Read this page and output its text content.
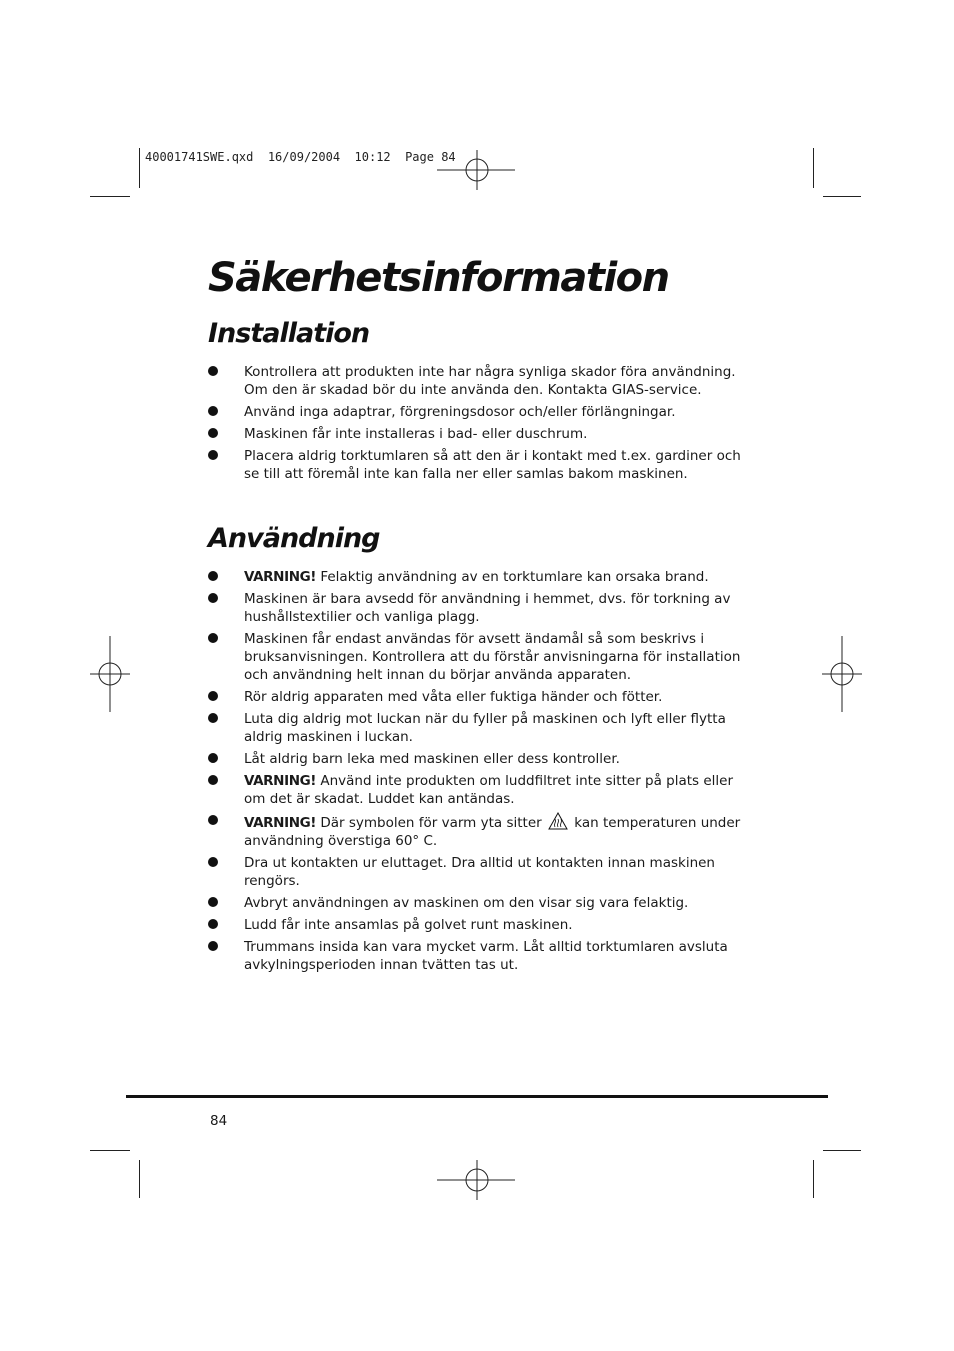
40001741SWE.qxd  16/09/2004  10:12  Page 84
Säkerhetsinformation
Installation
Kontrollera att produkten inte har några synliga skador föra användning. Om den är skadad bör du inte använda den. Kontakta GIAS-service.
Använd inga adaptrar, förgreningsdosor och/eller förlängningar.
Maskinen får inte installeras i bad- eller duschrum.
Placera aldrig torktumlaren så att den är i kontakt med t.ex. gardiner och se till att föremål inte kan falla ner eller samlas bakom maskinen.
Användning
VARNING! Felaktig användning av en torktumlare kan orsaka brand.
Maskinen är bara avsedd för användning i hemmet, dvs. för torkning av hushållstextilier och vanliga plagg.
Maskinen får endast användas för avsett ändamål så som beskrivs i bruksanvisningen. Kontrollera att du förstår anvisningarna för installation och användning helt innan du börjar använda apparaten.
Rör aldrig apparaten med våta eller fuktiga händer och fötter.
Luta dig aldrig mot luckan när du fyller på maskinen och lyft eller flytta aldrig maskinen i luckan.
Låt aldrig barn leka med maskinen eller dess kontroller.
VARNING! Använd inte produkten om luddfiltret inte sitter på plats eller om det är skadat. Luddet kan antändas.
VARNING! Där symbolen för varm yta sitter  kan temperaturen under användning överstiga 60° C.
Dra ut kontakten ur eluttaget. Dra alltid ut kontakten innan maskinen rengörs.
Avbryt användningen av maskinen om den visar sig vara felaktig.
Ludd får inte ansamlas på golvet runt maskinen.
Trummans insida kan vara mycket varm. Låt alltid torktumlaren avsluta avkylningsperioden innan tvätten tas ut.
84
